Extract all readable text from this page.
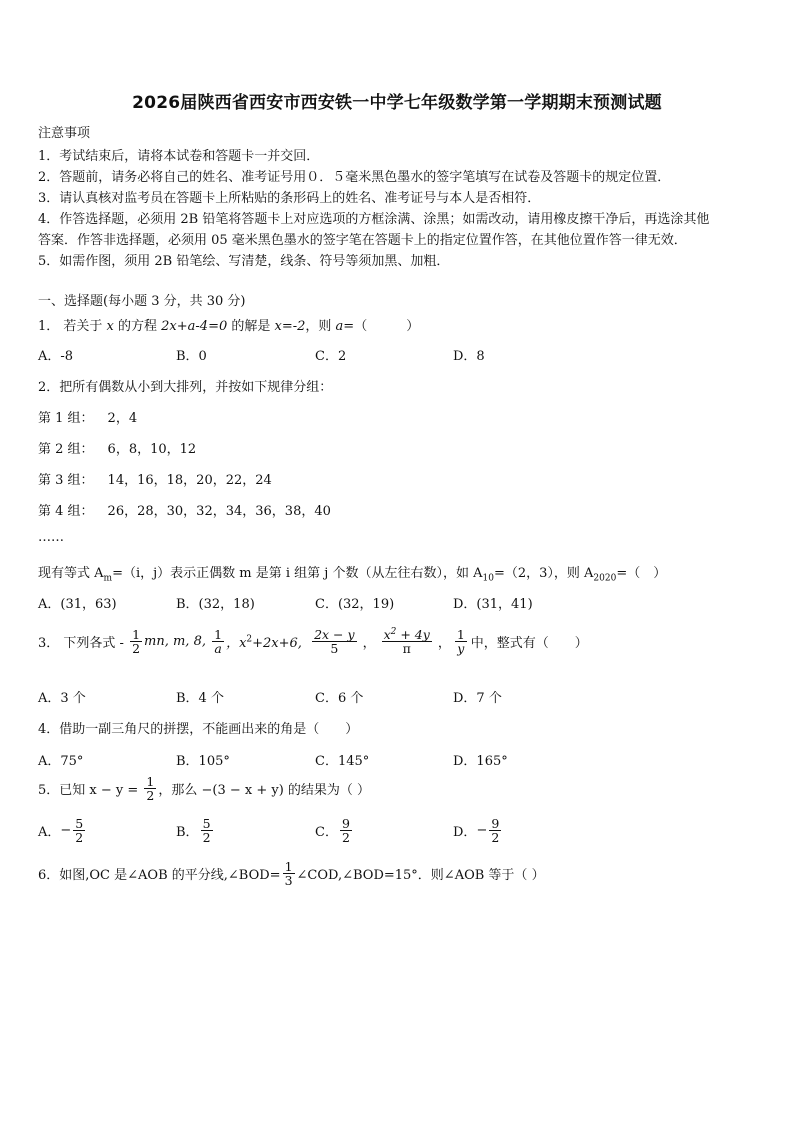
2026届陕西省西安市西安铁一中学七年级数学第一学期期末预测试题
注意事项
1．考试结束后，请将本试卷和答题卡一并交回．
2．答题前，请务必将自己的姓名、准考证号用０．５毫米黑色墨水的签字笔填写在试卷及答题卡的规定位置．
3．请认真核对监考员在答题卡上所粘贴的条形码上的姓名、准考证号与本人是否相符．
4．作答选择题，必须用 2B 铅笔将答题卡上对应选项的方框涂满、涂黑；如需改动，请用橡皮擦干净后，再选涂其他
答案．作答非选择题，必须用 05 毫米黑色墨水的签字笔在答题卡上的指定位置作答，在其他位置作答一律无效．
5．如需作图，须用 2B 铅笔绘、写清楚，线条、符号等须加黑、加粗．
一、选择题(每小题 3 分，共 30 分)
1． 若关于 x 的方程 2x+a-4=0 的解是 x=-2，则 a=（　　　）
A．-8	B．0	C．2	D．8
2．把所有偶数从小到大排列，并按如下规律分组：
第 1 组： 2，4
第 2 组： 6，8，10，12
第 3 组： 14，16，18，20，22，24
第 4 组： 26，28，30，32，34，36，38，40
……
现有等式 $A_m=(i$，j）表示正偶数 m 是第 i 组第 j 个数（从左往右数），如 $A_{10}=(2$，3），则 $A_{2020}=$（　）
A．(31，63)	B．(32，18)	C．(32，19)	D．(31，41)
3． 下列各式 - $\frac{1}{2}$ mn, m, 8, $\frac{1}{a}$ ，$x^2+2x+6$, $\frac{2x - y}{5}$ ， $\frac{x^2 + 4y}{\pi}$ ， $\frac{1}{y}$ 中，整式有（　　）
A．3 个	B．4 个	C．6 个	D．7 个
4．借助一副三角尺的拼摆，不能画出来的角是（　　）
A．75°	B．105°	C．145°	D．165°
5．已知 $x - y = \frac{1}{2}$ ，那么 −(3 − x + y) 的结果为（ ）
A．− $\frac{5}{2}$	B． $\frac{5}{2}$	C． $\frac{9}{2}$	D．− $\frac{9}{2}$
6．如图,OC 是∠AOB 的平分线,∠BOD= $\frac{1}{3}$ ∠COD,∠BOD=15°．则∠AOB 等于（ ）
